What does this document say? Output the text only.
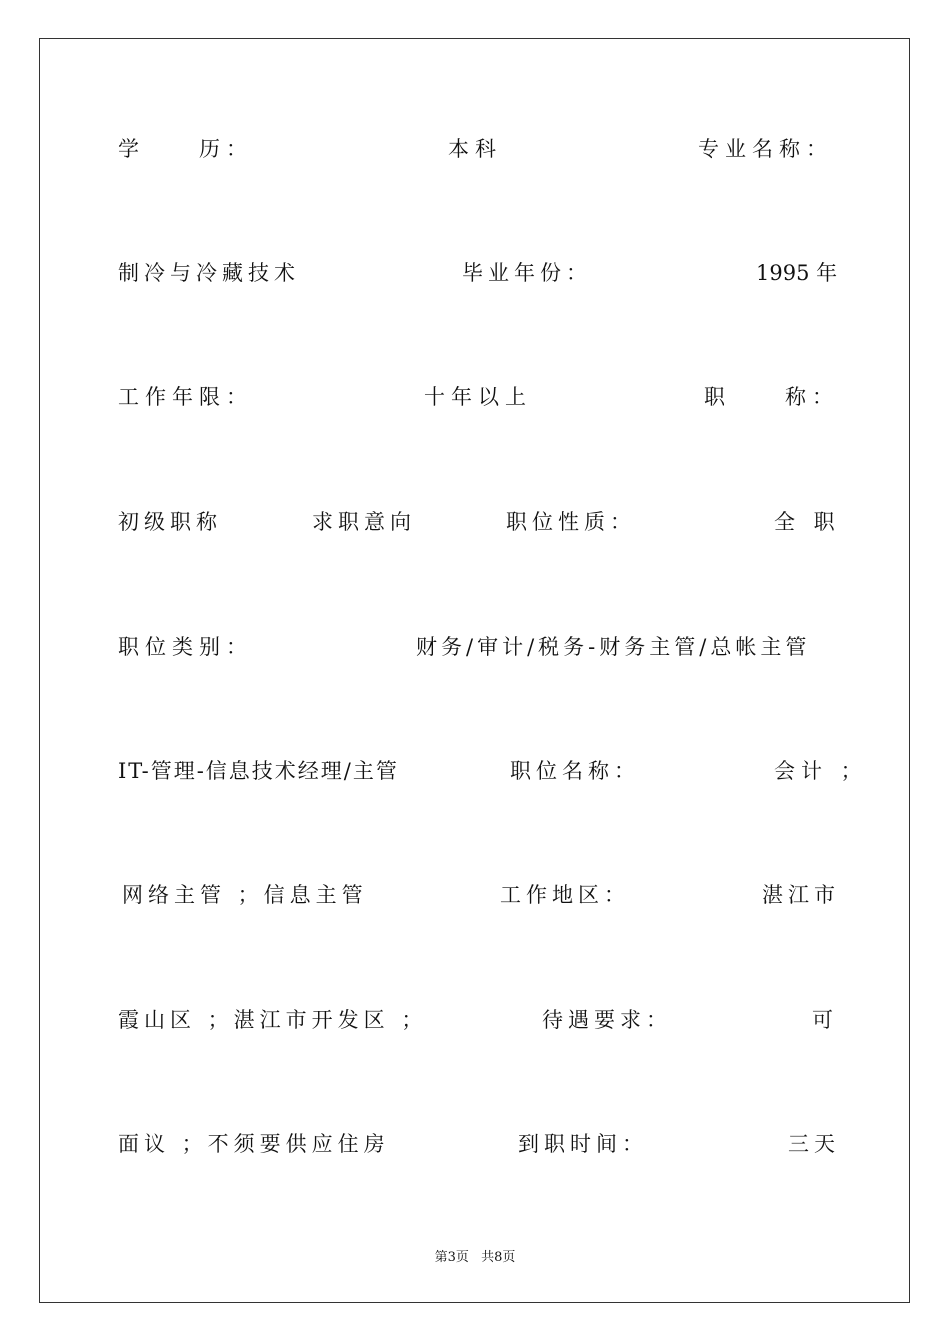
学　　历：	本科	专业名称：
制冷与冷藏技术	毕业年份：	1995 年
工作年限：	十年以上	职　　称：
初级职称	求职意向	职位性质：	全 职
职位类别：	财务/审计/税务-财务主管/总帐主管
IT-管理-信息技术经理/主管	职位名称：	会计 ；
网络主管 ；信息主管	工作地区：	湛江市
霞山区 ；湛江市开发区 ；	待遇要求：	可
面议 ；不须要供应住房	到职时间：	三天
第3页 共8页
